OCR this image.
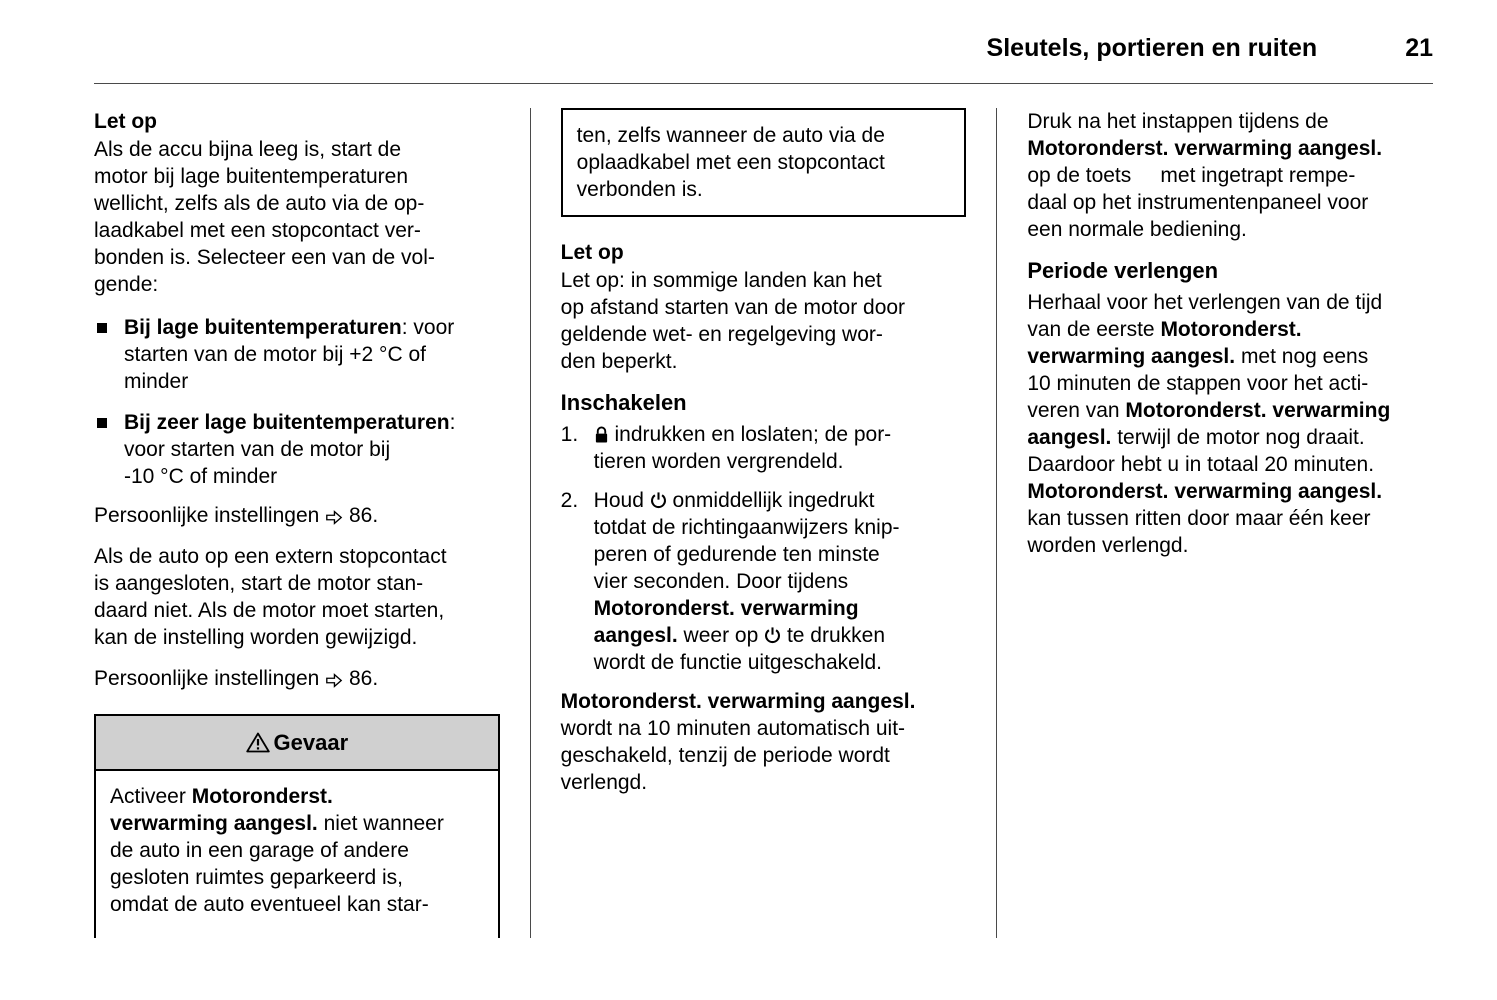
Sleutels, portieren en ruiten	21
Let op

Als de accu bijna leeg is, start de
motor bij lage buitentemperaturen
wellicht, zelfs als de auto via de op-
laadkabel met een stopcontact ver-
bonden is. Selecteer een van de vol-
gende:

Bij lage buitentemperaturen: voor
starten van de motor bij +2 °C of
minder
Bij zeer lage buitentemperaturen:
voor starten van de motor bij
-10 °C of minder

Persoonlijke instellingen  86.

Als de auto op een extern stopcontact
is aangesloten, start de motor stan-
daard niet. Als de motor moet starten,
kan de instelling worden gewijzigd.

Persoonlijke instellingen  86.

Gevaar
Activeer Motoronderst.
verwarming aangesl. niet wanneer
de auto in een garage of andere
gesloten ruimtes geparkeerd is,
omdat de auto eventueel kan star-
ten, zelfs wanneer de auto via de
oplaadkabel met een stopcontact
verbonden is.
Let op

Let op: in sommige landen kan het
op afstand starten van de motor door
geldende wet- en regelgeving wor-
den beperkt.

Inschakelen
1.	indrukken en loslaten; de por-
tieren worden vergrendeld.
2. Houd  onmiddellijk ingedrukt
totdat de richtingaanwijzers knip-
peren of gedurende ten minste
vier seconden. Door tijdens
Motoronderst. verwarming
aangesl. weer op  te drukken
wordt de functie uitgeschakeld.

Motoronderst. verwarming aangesl.
wordt na 10 minuten automatisch uit-
geschakeld, tenzij de periode wordt
verlengd.

Druk na het instappen tijdens de
Motoronderst. verwarming aangesl.
op de toets     met ingetrapt rempe-
daal op het instrumentenpaneel voor
een normale bediening.

Periode verlengen

Herhaal voor het verlengen van de tijd
van de eerste Motoronderst.
verwarming aangesl. met nog eens
10 minuten de stappen voor het acti-
veren van Motoronderst. verwarming
aangesl. terwijl de motor nog draait.
Daardoor hebt u in totaal 20 minuten.
Motoronderst. verwarming aangesl.
kan tussen ritten door maar één keer
worden verlengd.
